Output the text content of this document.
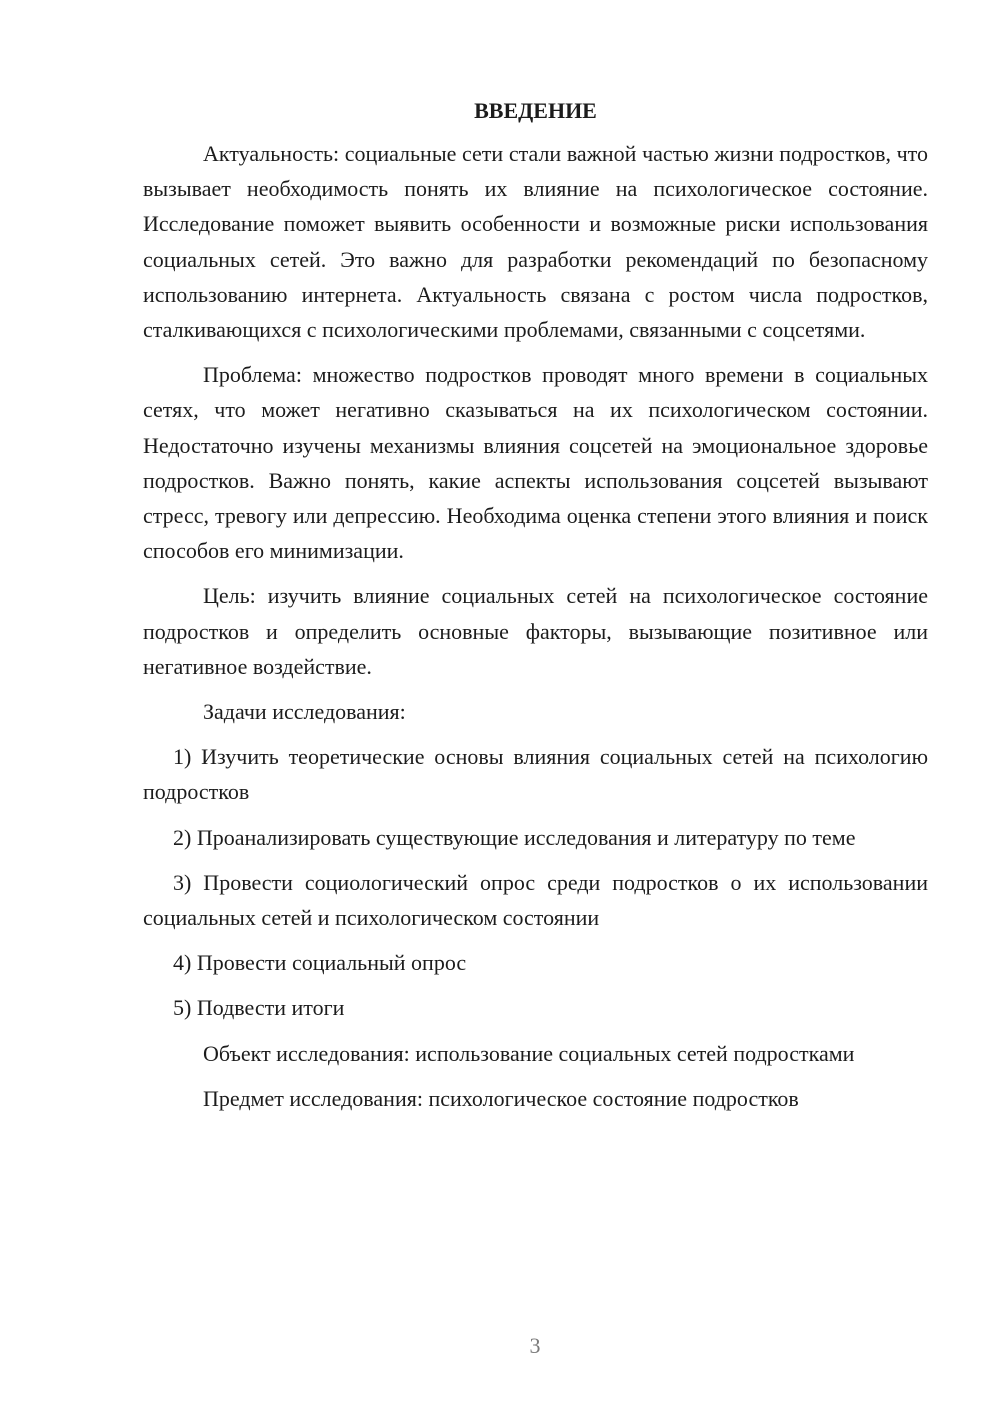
ВВЕДЕНИЕ

Актуальность: социальные сети стали важной частью жизни подростков, что вызывает необходимость понять их влияние на психологическое состояние. Исследование поможет выявить особенности и возможные риски использования социальных сетей. Это важно для разработки рекомендаций по безопасному использованию интернета. Актуальность связана с ростом числа подростков, сталкивающихся с психологическими проблемами, связанными с соцсетями.

Проблема: множество подростков проводят много времени в социальных сетях, что может негативно сказываться на их психологическом состоянии. Недостаточно изучены механизмы влияния соцсетей на эмоциональное здоровье подростков. Важно понять, какие аспекты использования соцсетей вызывают стресс, тревогу или депрессию. Необходима оценка степени этого влияния и поиск способов его минимизации.

Цель: изучить влияние социальных сетей на психологическое состояние подростков и определить основные факторы, вызывающие позитивное или негативное воздействие.

Задачи исследования:

1) Изучить теоретические основы влияния социальных сетей на психологию подростков

2) Проанализировать существующие исследования и литературу по теме

3) Провести социологический опрос среди подростков о их использовании социальных сетей и психологическом состоянии

4) Провести социальный опрос

5) Подвести итоги

Объект исследования: использование социальных сетей подростками

Предмет исследования: психологическое состояние подростков

3
